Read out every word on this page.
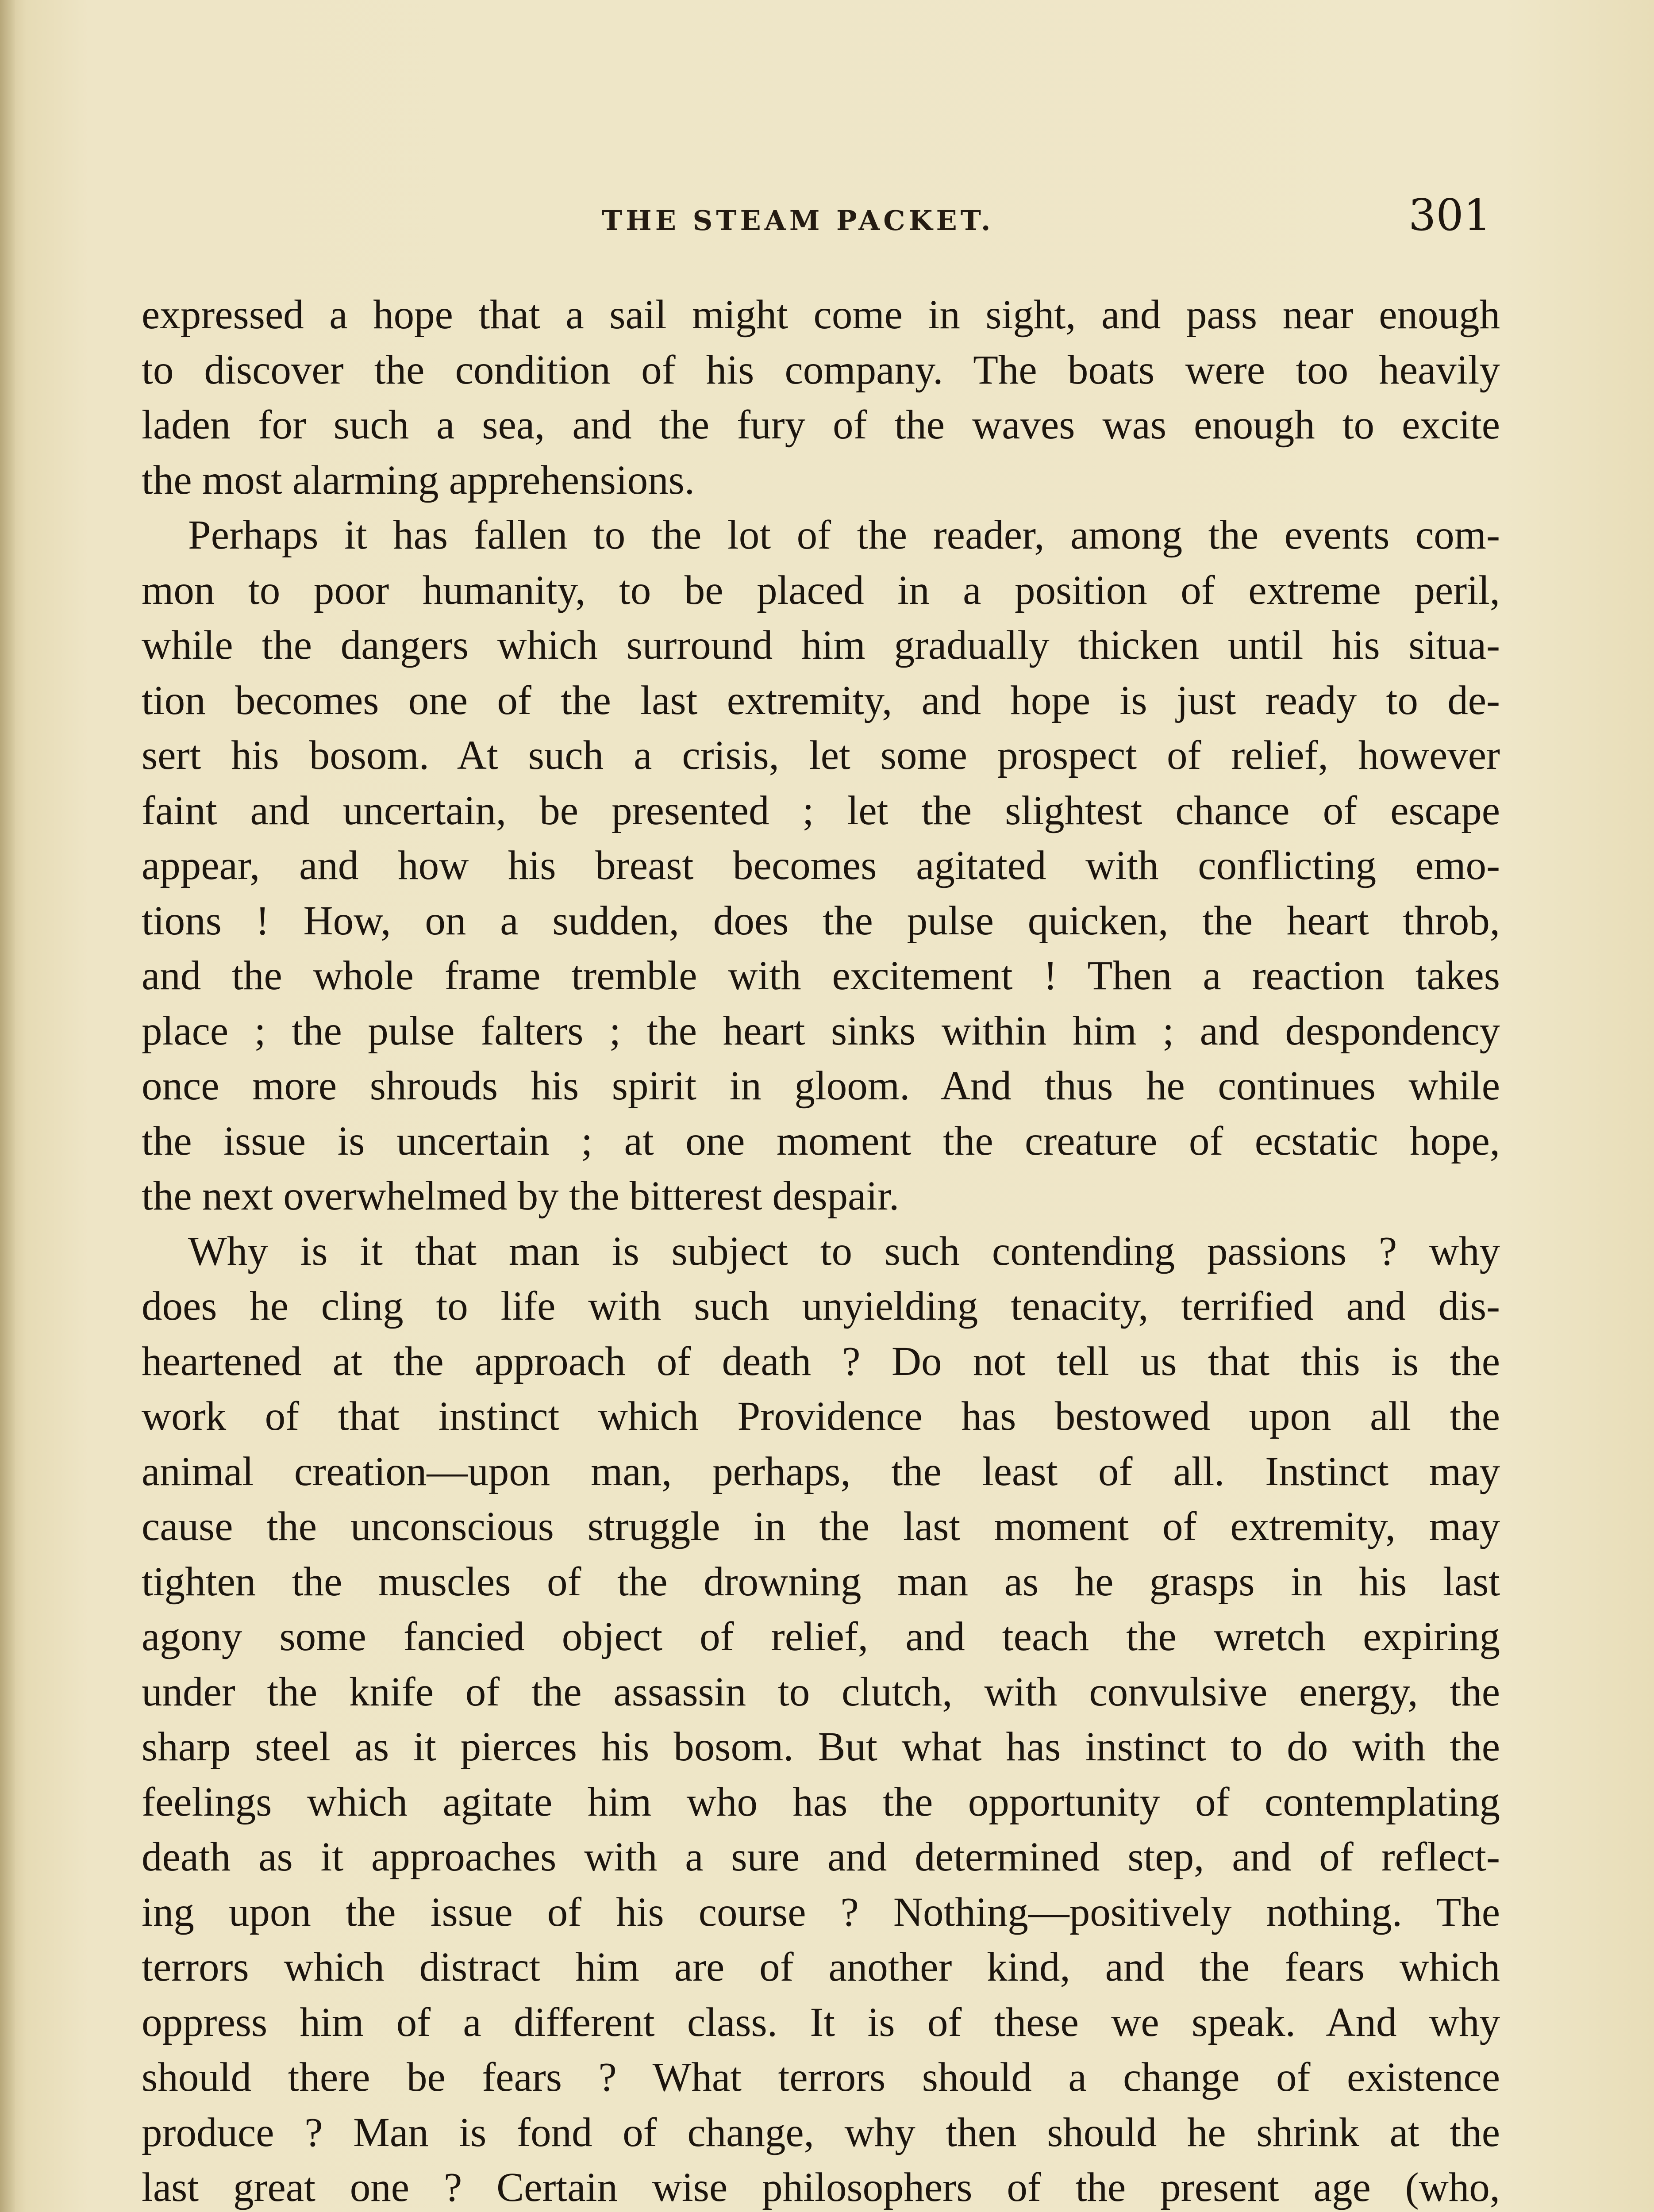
THE STEAM PACKET.	301
expressed a hope that a sail might come in sight, and pass near enough
to discover the condition of his company. The boats were too heavily
laden for such a sea, and the fury of the waves was enough to excite
the most alarming apprehensions.
Perhaps it has fallen to the lot of the reader, among the events com-
mon to poor humanity, to be placed in a position of extreme peril,
while the dangers which surround him gradually thicken until his situa-
tion becomes one of the last extremity, and hope is just ready to de-
sert his bosom. At such a crisis, let some prospect of relief, however
faint and uncertain, be presented ; let the slightest chance of escape
appear, and how his breast becomes agitated with conflicting emo-
tions ! How, on a sudden, does the pulse quicken, the heart throb,
and the whole frame tremble with excitement ! Then a reaction takes
place ; the pulse falters ; the heart sinks within him ; and despondency
once more shrouds his spirit in gloom. And thus he continues while
the issue is uncertain ; at one moment the creature of ecstatic hope,
the next overwhelmed by the bitterest despair.
Why is it that man is subject to such contending passions ? why
does he cling to life with such unyielding tenacity, terrified and dis-
heartened at the approach of death ? Do not tell us that this is the
work of that instinct which Providence has bestowed upon all the
animal creation—upon man, perhaps, the least of all. Instinct may
cause the unconscious struggle in the last moment of extremity, may
tighten the muscles of the drowning man as he grasps in his last
agony some fancied object of relief, and teach the wretch expiring
under the knife of the assassin to clutch, with convulsive energy, the
sharp steel as it pierces his bosom. But what has instinct to do with the
feelings which agitate him who has the opportunity of contemplating
death as it approaches with a sure and determined step, and of reflect-
ing upon the issue of his course ? Nothing—positively nothing. The
terrors which distract him are of another kind, and the fears which
oppress him of a different class. It is of these we speak. And why
should there be fears ? What terrors should a change of existence
produce ? Man is fond of change, why then should he shrink at the
last great one ? Certain wise philosophers of the present age (who,
